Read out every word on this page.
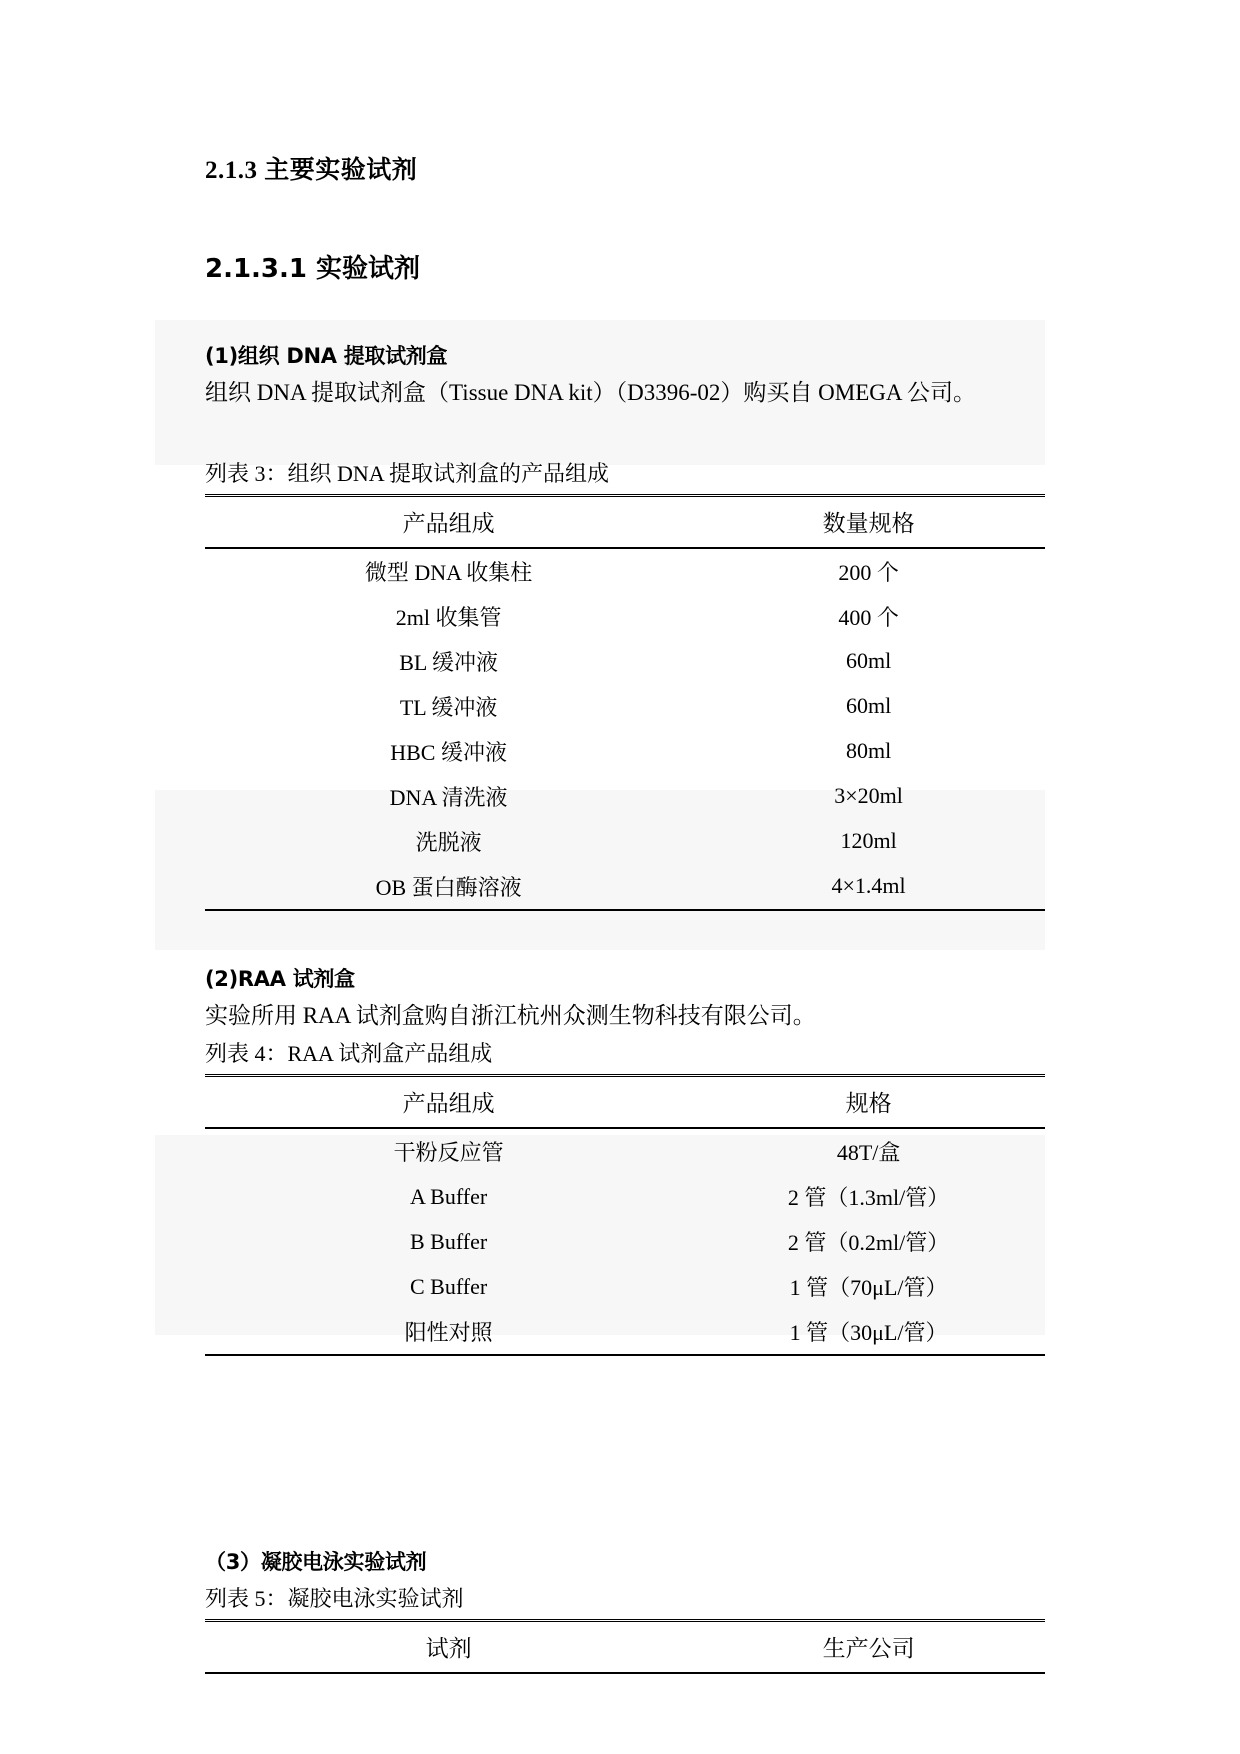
2.1.3 主要实验试剂
2.1.3.1 实验试剂
(1)组织 DNA 提取试剂盒

组织 DNA 提取试剂盒（Tissue DNA kit）（D3396-02）购买自 OMEGA 公司。

列表 3：组织 DNA 提取试剂盒的产品组成

产品组成	数量规格
微型 DNA 收集柱	200 个
2ml 收集管	400 个
BL 缓冲液	60ml
TL 缓冲液	60ml
HBC 缓冲液	80ml
DNA 清洗液	3×20ml
洗脱液	120ml
OB 蛋白酶溶液	4×1.4ml
(2)RAA 试剂盒

实验所用 RAA 试剂盒购自浙江杭州众测生物科技有限公司。

列表 4：RAA 试剂盒产品组成

产品组成	规格
干粉反应管	48T/盒
A Buffer	2 管（1.3ml/管）
B Buffer	2 管（0.2ml/管）
C Buffer	1 管（70μL/管）
阳性对照	1 管（30μL/管）
（3）凝胶电泳实验试剂

列表 5：凝胶电泳实验试剂

试剂	生产公司
